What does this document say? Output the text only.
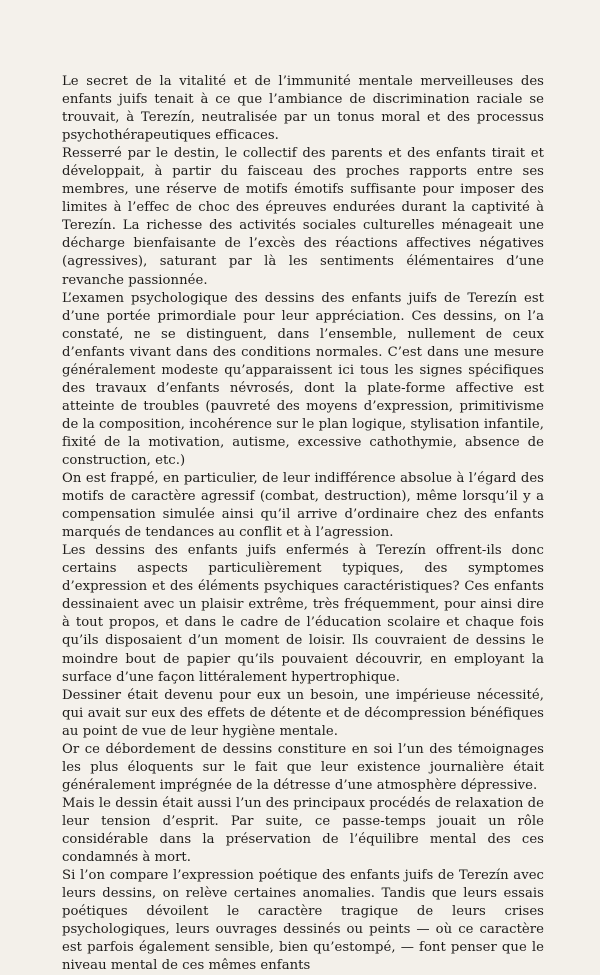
Le secret de la vitalité et de l’immunité mentale merveilleuses des enfants juifs tenait à ce que l’ambiance de discrimination raciale se trouvait, à Terezín, neutralisée par un tonus moral et des processus psychothérapeutiques efficaces.

Resserré par le destin, le collectif des parents et des enfants tirait et développait, à partir du faisceau des proches rapports entre ses membres, une réserve de motifs émotifs suffisante pour imposer des limites à l’effec de choc des épreuves endurées durant la captivité à Terezín. La richesse des activités sociales culturelles ménageait une décharge bienfaisante de l’excès des réactions affectives négatives (agressives), saturant par là les sentiments élémentaires d’une revanche passionnée.

L’examen psychologique des dessins des enfants juifs de Terezín est d’une portée primordiale pour leur appréciation. Ces dessins, on l’a constaté, ne se distinguent, dans l’ensemble, nullement de ceux d’enfants vivant dans des conditions normales. C’est dans une mesure généralement modeste qu’apparaissent ici tous les signes spécifiques des travaux d’enfants névrosés, dont la plate-forme affective est atteinte de troubles (pauvreté des moyens d’expression, primitivisme de la composition, incohérence sur le plan logique, stylisation infantile, fixité de la motivation, autisme, excessive cathothymie, absence de construction, etc.)

On est frappé, en particulier, de leur indifférence absolue à l’égard des motifs de caractère agressif (combat, destruction), même lorsqu’il y a compensation simulée ainsi qu’il arrive d’ordinaire chez des enfants marqués de tendances au conflit et à l’agression.

Les dessins des enfants juifs enfermés à Terezín offrent-ils donc certains aspects particulièrement typiques, des symptomes d’expression et des éléments psychiques caractéristiques? Ces enfants dessinaient avec un plaisir extrême, très fréquemment, pour ainsi dire à tout propos, et dans le cadre de l’éducation scolaire et chaque fois qu’ils disposaient d’un moment de loisir. Ils couvraient de dessins le moindre bout de papier qu’ils pouvaient découvrir, en employant la surface d’une façon littéralement hypertrophique.

Dessiner était devenu pour eux un besoin, une impérieuse nécessité, qui avait sur eux des effets de détente et de décompression bénéfiques au point de vue de leur hygiène mentale.

Or ce débordement de dessins constiture en soi l’un des témoignages les plus éloquents sur le fait que leur existence journalière était généralement imprégnée de la détresse d’une atmosphère dépressive.

Mais le dessin était aussi l’un des principaux procédés de relaxation de leur tension d’esprit. Par suite, ce passe-temps jouait un rôle considérable dans la préservation de l’équilibre mental des ces condamnés à mort.

Si l’on compare l’expression poétique des enfants juifs de Terezín avec leurs dessins, on relève certaines anomalies. Tandis que leurs essais poétiques dévoilent le caractère tragique de leurs crises psychologiques, leurs ouvrages dessinés ou peints — où ce caractère est parfois également sensible, bien qu’estompé, — font penser que le niveau mental de ces mêmes enfants
